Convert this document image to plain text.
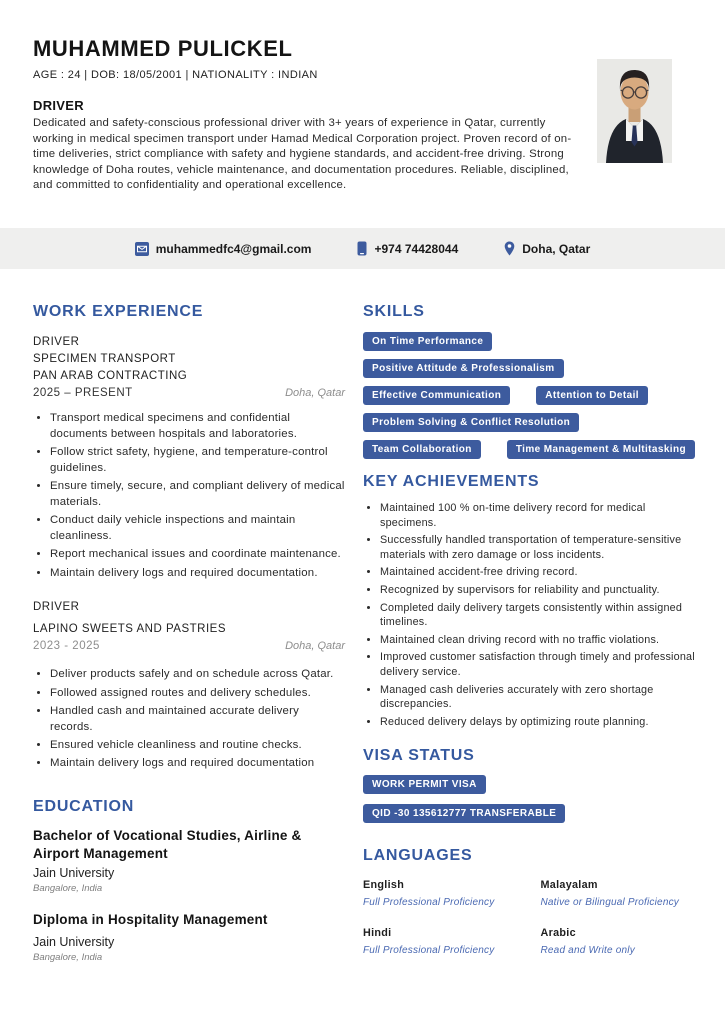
MUHAMMED PULICKEL
AGE : 24 | DOB: 18/05/2001 | NATIONALITY : INDIAN
DRIVER
Dedicated and safety-conscious professional driver with 3+ years of experience in Qatar, currently working in medical specimen transport under Hamad Medical Corporation project. Proven record of on-time deliveries, strict compliance with safety and hygiene standards, and accident-free driving. Strong knowledge of Doha routes, vehicle maintenance, and documentation procedures. Reliable, disciplined, and committed to confidentiality and operational excellence.
muhammedfc4@gmail.com	+974 74428044	Doha, Qatar
WORK EXPERIENCE
DRIVER
SPECIMEN TRANSPORT
PAN ARAB CONTRACTING
2025 – PRESENT	Doha, Qatar
• Transport medical specimens and confidential documents between hospitals and laboratories.
• Follow strict safety, hygiene, and temperature-control guidelines.
• Ensure timely, secure, and compliant delivery of medical materials.
• Conduct daily vehicle inspections and maintain cleanliness.
• Report mechanical issues and coordinate maintenance.
• Maintain delivery logs and required documentation.
DRIVER
LAPINO SWEETS AND PASTRIES
2023 - 2025	Doha, Qatar
• Deliver products safely and on schedule across Qatar.
• Followed assigned routes and delivery schedules.
• Handled cash and maintained accurate delivery records.
• Ensured vehicle cleanliness and routine checks.
• Maintain delivery logs and required documentation
EDUCATION
Bachelor of Vocational Studies, Airline & Airport Management
Jain University
Bangalore, India
Diploma in Hospitality Management
Jain University
Bangalore, India
SKILLS
On Time Performance
Positive Attitude & Professionalism
Effective Communication	Attention to Detail
Problem Solving & Conflict Resolution
Team Collaboration	Time Management & Multitasking
KEY ACHIEVEMENTS
• Maintained 100 % on-time delivery record for medical specimens.
• Successfully handled transportation of temperature-sensitive materials with zero damage or loss incidents.
• Maintained accident-free driving record.
• Recognized by supervisors for reliability and punctuality.
• Completed daily delivery targets consistently within assigned timelines.
• Maintained clean driving record with no traffic violations.
• Improved customer satisfaction through timely and professional delivery service.
• Managed cash deliveries accurately with zero shortage discrepancies.
• Reduced delivery delays by optimizing route planning.
VISA STATUS
WORK PERMIT VISA
QID -30 135612777 TRANSFERABLE
LANGUAGES
English
Full Professional Proficiency
Malayalam
Native or Bilingual Proficiency
Hindi
Full Professional Proficiency
Arabic
Read and Write only
